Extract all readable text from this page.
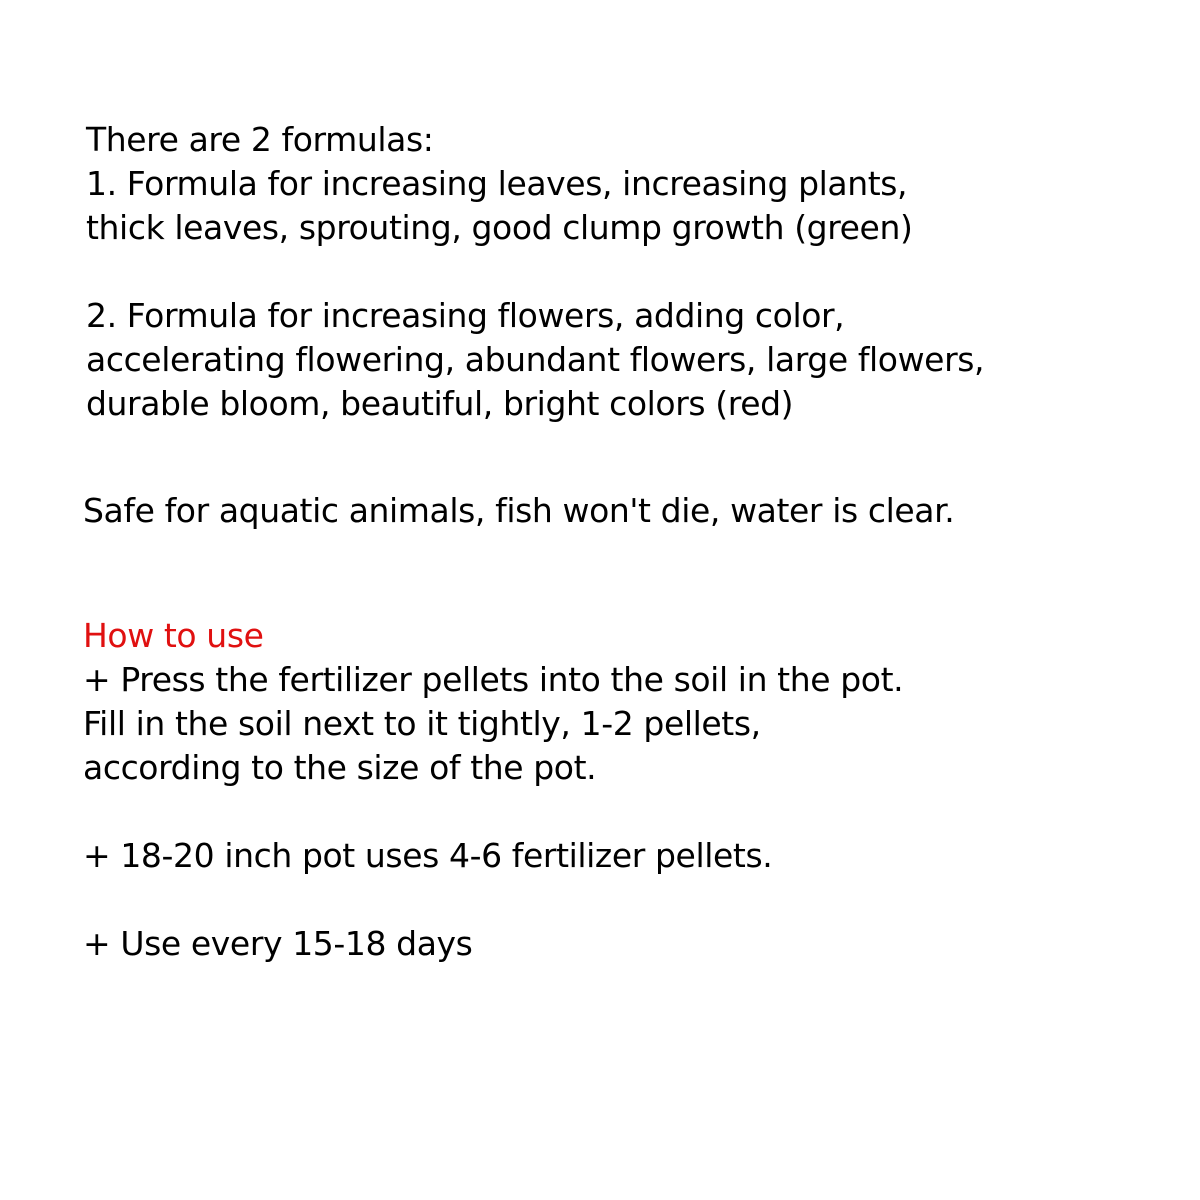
There are 2 formulas:
1. Formula for increasing leaves, increasing plants,
thick leaves, sprouting, good clump growth (green)
2. Formula for increasing flowers, adding color,
accelerating flowering, abundant flowers, large flowers,
durable bloom, beautiful, bright colors (red)
Safe for aquatic animals, fish won't die, water is clear.
How to use
+ Press the fertilizer pellets into the soil in the pot.
Fill in the soil next to it tightly, 1-2 pellets,
according to the size of the pot.
+ 18-20 inch pot uses 4-6 fertilizer pellets.
+ Use every 15-18 days
